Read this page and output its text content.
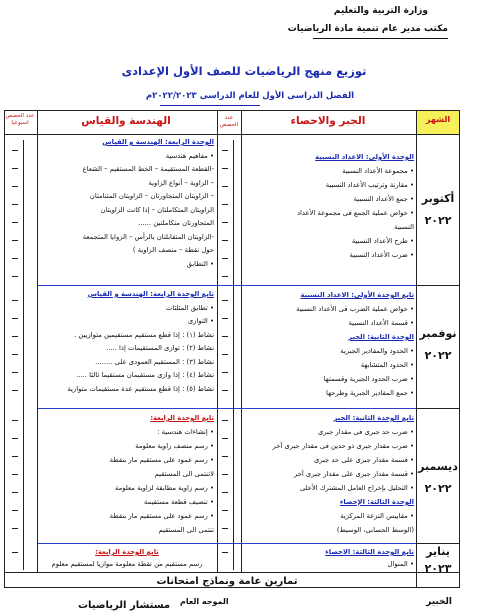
وزارة التربية والتعليم
مكتب مدير عام تنمية مادة الرياضيات
توزيع منهج الرياضيات للصف الأول الإعدادى
الفصل الدراسى الأول للعام الدراسى ٢٠٢٢/٢٠٢٣م
الشهر
الجبر والاحصاء
عدد الحصص
الهندسة والقياس
عدد الحصص اسبوعيا
أكتوبر
٢٠٢٢
نوفمبر
٢٠٢٢
ديسمبر
٢٠٢٢
يناير
٢٠٢٣
الوحدة الأولى: الاعداد النسبية
• مجموعة الأعداد النسبية
• مقارنة وترتيب الأعداد النسبية
• جمع الأعداد النسبية
• خواص عملية الجمع فى مجموعة الأعداد
النسبية
• طرح الأعداد النسبية
• ضرب الأعداد النسبية
تابع الوحدة الأولى: الاعداد النسبية
• خواص عملية الضرب فى الأعداد النسبية
• قسمة الأعداد النسبية
الوحدة الثانية: الجبر
• الحدود والمقادير الجبرية
• الحدود المتشابهة
• ضرب الحدود الجبرية وقسمتها
• جمع المقادير الجبرية وطرحها
تابع الوحدة الثانية: الجبر
• ضرب حد جبرى فى مقدار جبرى
• ضرب مقدار جبرى ذو حدين فى مقدار جبرى آخر
• قسمة مقدار جبرى على حد جبرى
• قسمة مقدار جبرى على مقدار جبرى آخر
• التحليل بإخراج العامل المشترك الأعلى
الوحدة الثالثة: الإحصاء
• مقاييس النزعة المركزية
(الوسط الحسابى، الوسيط)
تابع الوحدة الثالثة: الاحصاء
• المنوال
الوحدة الرابعة: الهندسة و القياس
• مفاهيم هندسية
-القطعة المستقيمة – الخط المستقيم – الشعاع
– الزاوية – أنواع الزاوية
– الزاويتان المتجاورتان – الزاويتان المتتامتان
الزاويتان المتكاملتان – إذا كانت الزاويتان
المتجاورتان متكاملتين ......
-الزاويتان المتقابلتان بالرأس – الزوايا المتجمعة
حول نقطة – منصف الزاوية )
• التطابق
تابع الوحدة الرابعة: الهندسة و القياس
• تطابق المثلثات
• التوازى
نشاط (١) : إذا قطع مستقيم مستقيمين متوازيين .
نشاط (٢) : توازى المستقيمات إذا .....
نشاط (٣) : المستقيم العمودى على ........
نشاط (٤) : إذا وازى مستقيمان مستقيما ثالثا .....
نشاط (٥) : إذا قطع مستقيم عدة مستقيمات متوازية
تابع الوحدة الرابعة:
• إنشاءات هندسية :
• رسم منصف زاوية معلومة
• رسم عمود على مستقيم مار بنقطة
لاتنتمى الى المستقيم
• رسم زاوية مطابقة لزاوية معلومة
• تنصيف قطعة مستقيمة
• رسم عمود على مستقيم مار بنقطة
تنتمى الى المستقيم
تابع الوحدة الرابعة:
رسم مستقيم من نقطة معلومة موازيا لمستقيم معلوم
تمارين عامة ونماذج امتحانات
الخبير
الموجه العام
مستشار الرياضيات
